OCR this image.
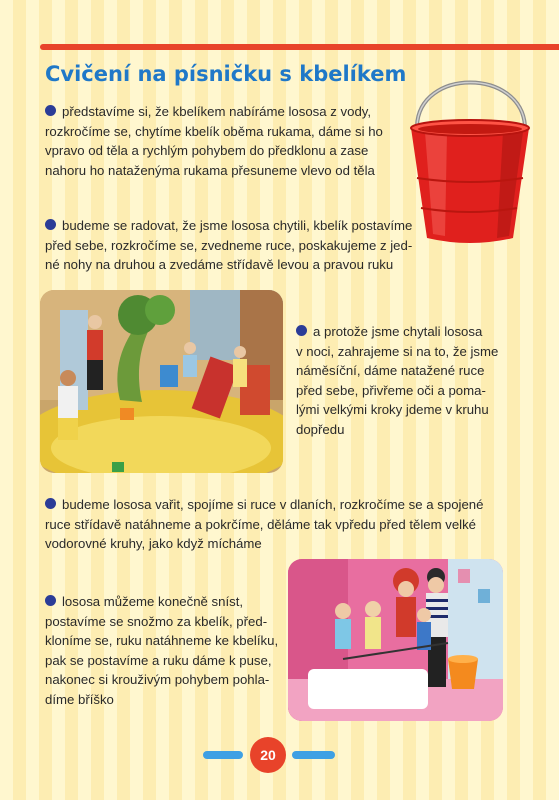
Cvičení na písničku s kbelíkem

představíme si, že kbelíkem nabíráme lososa z vody,
rozkročíme se, chytíme kbelík oběma rukama, dáme si ho
vpravo od těla a rychlým pohybem do předklonu a zase
nahoru ho nataženýma rukama přesuneme vlevo od těla

budeme se radovat, že jsme lososa chytili, kbelík postavíme
před sebe, rozkročíme se, zvedneme ruce, poskakujeme z jed-
né nohy na druhou a zvedáme střídavě levou a pravou ruku

a protože jsme chytali lososa
v noci, zahrajeme si na to, že jsme
náměsíční, dáme natažené ruce
před sebe, přivřeme oči a poma-
lými velkými kroky jdeme v kruhu
dopředu

budeme lososa vařit, spojíme si ruce v dlaních, rozkročíme se a spojené
ruce střídavě natáhneme a pokrčíme, děláme tak vpředu před tělem velké
vodorovné kruhy, jako když mícháme

lososa můžeme konečně sníst,
postavíme se snožmo za kbelík, před-
kloníme se, ruku natáhneme ke kbelíku,
pak se postavíme a ruku dáme k puse,
nakonec si krouživým pohybem pohla-
díme bříško

20
